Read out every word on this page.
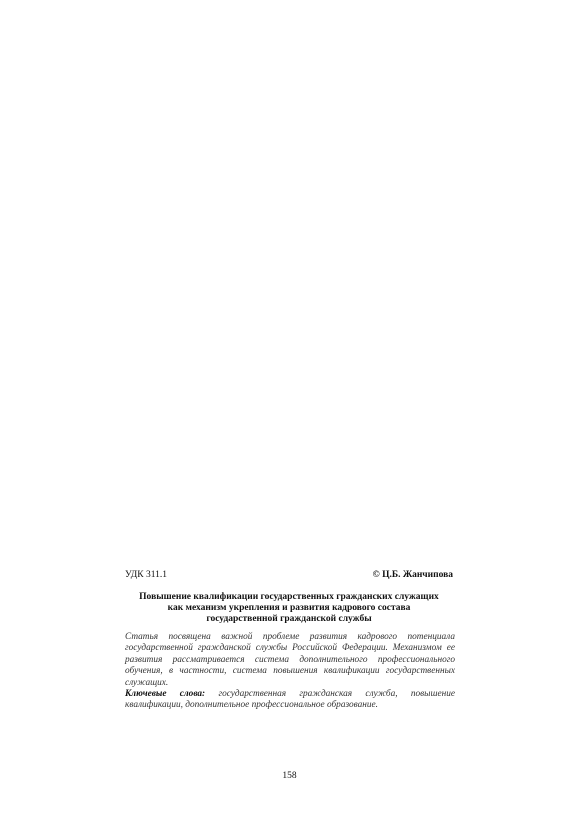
УДК 311.1	© Ц.Б. Жанчипова
Повышение квалификации государственных гражданских служащих
как механизм укрепления и развития кадрового состава
государственной гражданской службы

Статья посвящена важной проблеме развития кадрового потенциала государственной гражданской службы Российской Федерации. Механизмом ее развития рассматривается система дополнительного профессионального обучения, в частности, система повышения квалификации государственных служащих.

Ключевые слова: государственная гражданская служба, повышение квалификации, дополнительное профессиональное образование.

158
